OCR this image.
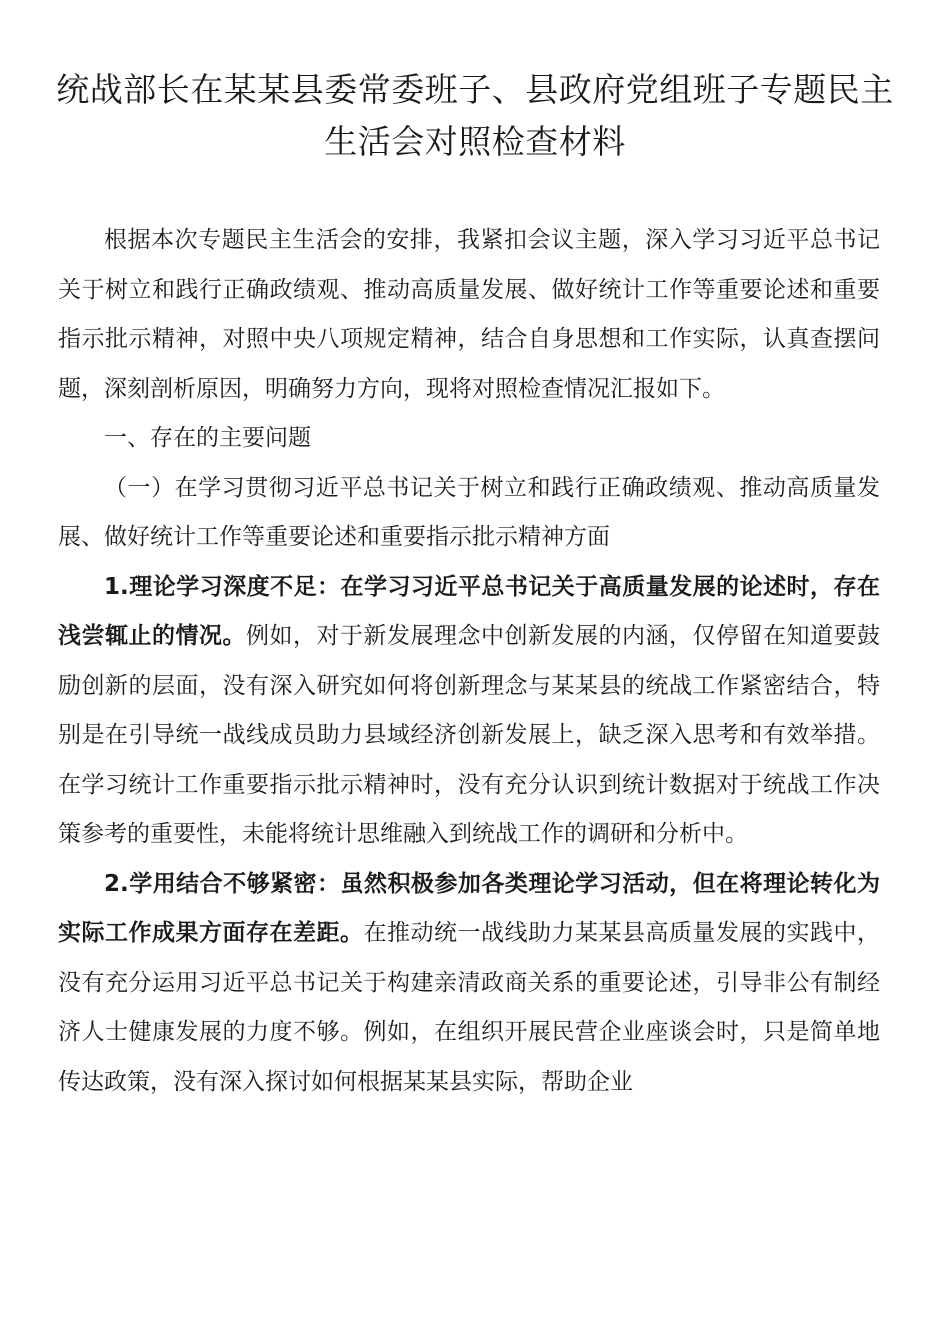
统战部长在某某县委常委班子、县政府党组班子专题民主生活会对照检查材料

根据本次专题民主生活会的安排，我紧扣会议主题，深入学习习近平总书记关于树立和践行正确政绩观、推动高质量发展、做好统计工作等重要论述和重要指示批示精神，对照中央八项规定精神，结合自身思想和工作实际，认真查摆问题，深刻剖析原因，明确努力方向，现将对照检查情况汇报如下。

一、存在的主要问题

（一）在学习贯彻习近平总书记关于树立和践行正确政绩观、推动高质量发展、做好统计工作等重要论述和重要指示批示精神方面

1.理论学习深度不足：在学习习近平总书记关于高质量发展的论述时，存在浅尝辄止的情况。例如，对于新发展理念中创新发展的内涵，仅停留在知道要鼓励创新的层面，没有深入研究如何将创新理念与某某县的统战工作紧密结合，特别是在引导统一战线成员助力县域经济创新发展上，缺乏深入思考和有效举措。在学习统计工作重要指示批示精神时，没有充分认识到统计数据对于统战工作决策参考的重要性，未能将统计思维融入到统战工作的调研和分析中。

2.学用结合不够紧密：虽然积极参加各类理论学习活动，但在将理论转化为实际工作成果方面存在差距。在推动统一战线助力某某县高质量发展的实践中，没有充分运用习近平总书记关于构建亲清政商关系的重要论述，引导非公有制经济人士健康发展的力度不够。例如，在组织开展民营企业座谈会时，只是简单地传达政策，没有深入探讨如何根据某某县实际，帮助企业
